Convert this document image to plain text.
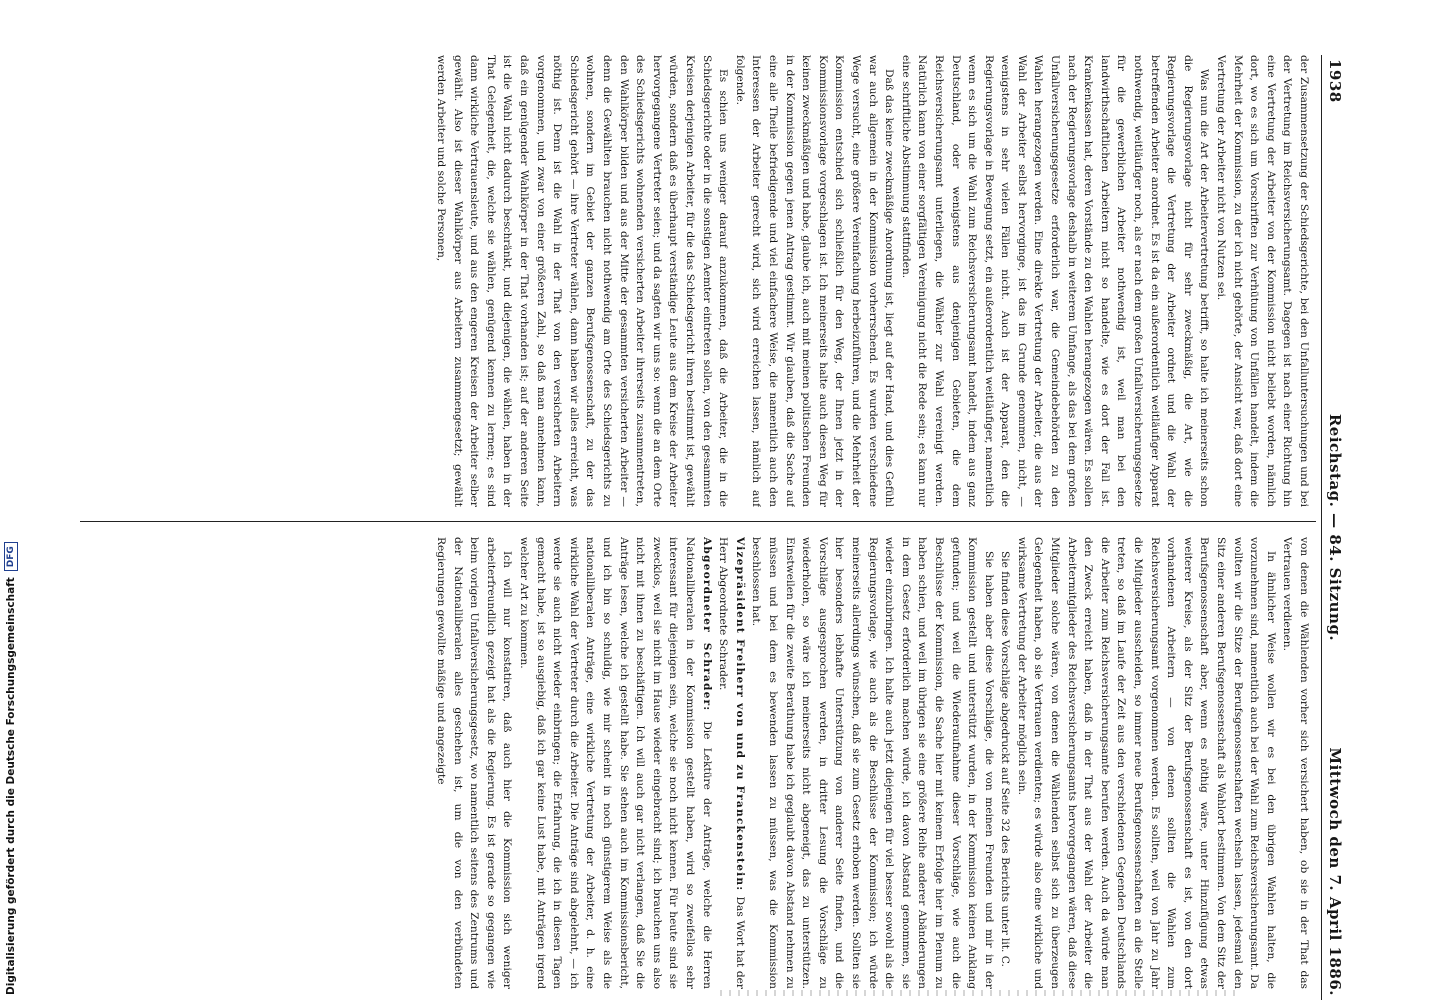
1938
Reichstag. — 84. Sitzung.
Mittwoch den 7. April 1886.

der Zusammensetzung der Schiedsgerichte, bei den Unfalluntersuchungen und bei der Vertretung im Reichsversicherungsamt. Dagegen ist nach einer Richtung hin eine Vertretung der Arbeiter von der Kommission nicht beliebt worden, nämlich dort, wo es sich um Vorschriften zur Verhütung von Unfällen handelt, indem die Mehrheit der Kommission, zu der ich nicht gehörte, der Ansicht war, daß dort eine Vertretung der Arbeiter nicht von Nutzen sei.

Was nun die Art der Arbeitervertretung betrifft, so halte ich meinerseits schon die Regierungsvorlage nicht für sehr zweckmäßig, die Art, wie die Regierungsvorlage die Vertretung der Arbeiter ordnet und die Wahl der betreffenden Arbeiter anordnet. Es ist da ein außerordentlich weitläufiger Apparat nothwendig, weitläufiger noch, als er nach dem großen Unfallversicherungsgesetze für die gewerblichen Arbeiter nothwendig ist, weil man bei den landwirthschaftlichen Arbeitern nicht so handelte, wie es dort der Fall ist. Krankenkassen hat, deren Vorstände zu den Wahlen herangezogen wären. Es sollen nach der Regierungsvorlage deshalb in weiterem Umfange, als das bei dem großen Unfallversicherungsgesetze erforderlich war, die Gemeindebehörden zu den Wahlen herangezogen werden. Eine direkte Vertretung der Arbeiter, die aus der Wahl der Arbeiter selbst hervorginge, ist das im Grunde genommen, nicht, — wenigstens in sehr vielen Fällen nicht. Auch ist der Apparat, den die Regierungsvorlage in Bewegung setzt, ein außerordentlich weitläufiger, namentlich wenn es sich um die Wahl zum Reichsversicherungsamt handelt, indem aus ganz Deutschland, oder wenigstens aus denjenigen Gebieten, die dem Reichsversicherungsamt unterliegen, die Wähler zur Wahl vereinigt werden. Natürlich kann von einer sorgfältigen Vereinigung nicht die Rede sein; es kann nur eine schriftliche Abstimmung stattfinden.

Daß das keine zweckmäßige Anordnung ist, liegt auf der Hand, und dies Gefühl war auch allgemein in der Kommission vorherrschend. Es wurden verschiedene Wege versucht, eine größere Vereinfachung herbeizuführen, und die Mehrheit der Kommission entschied sich schließlich für den Weg, der Ihnen jetzt in der Kommissionsvorlage vorgeschlagen ist. Ich meinerseits halte auch diesen Weg für keinen zweckmäßigen und habe, glaube ich, auch mit meinen politischen Freunden in der Kommission gegen jenen Antrag gestimmt. Wir glauben, daß die Sache auf eine alle Theile befriedigende und viel einfachere Weise, die namentlich auch den Interessen der Arbeiter gerecht wird, sich wird erreichen lassen, nämlich auf folgende.

Es schien uns weniger darauf anzukommen, daß die Arbeiter, die in die Schiedsgerichte oder in die sonstigen Aemter eintreten sollen, von den gesammten Kreisen derjenigen Arbeiter, für die das Schiedsgericht ihren bestimmt ist, gewählt würden, sondern daß es überhaupt verständige Leute aus dem Kreise der Arbeiter hervorgegangene Vertreter seien; und da sagten wir uns so: wenn die an dem Orte des Schiedsgerichts wohnenden versicherten Arbeiter ihrerseits zusammentreten, den Wahlkörper bilden und aus der Mitte der gesammten versicherten Arbeiter — denn die Gewählten brauchen nicht nothwendig am Orte des Schiedsgerichts zu wohnen, sondern im Gebiet der ganzen Berufsgenossenschaft, zu der das Schiedsgericht gehört — ihre Vertreter wählen, dann haben wir alles erreicht, was nöthig ist. Denn ist die Wahl in der That von den versicherten Arbeitern vorgenommen, und zwar von einer größeren Zahl, so daß man annehmen kann, daß ein genügender Wahlkörper in der That vorhanden ist; auf der anderen Seite ist die Wahl nicht dadurch beschränkt, und diejenigen, die wählen, haben in der That Gelegenheit, die, welche sie wählen, genügend kennen zu lernen; es sind dann wirkliche Vertrauensleute, und aus den engeren Kreisen der Arbeiter selber gewählt. Also ist dieser Wahlkörper aus Arbeitern zusammengesetzt; gewählt werden Arbeiter und solche Personen,

von denen die Wählenden vorher sich versichert haben, ob sie in der That das Vertrauen verdienen.

In ähnlicher Weise wollen wir es bei den übrigen Wahlen halten, die vorzunehmen sind, namentlich auch bei der Wahl zum Reichsversicherungsamt. Da wollten wir die Sitze der Berufsgenossenschaften wechseln lassen, jedesmal den Sitz einer anderen Berufsgenossenschaft als Wahlort bestimmen. Von dem Sitz der Berufsgenossenschaft aber, wenn es nöthig wäre, unter Hinzufügung etwas weiterer Kreise, als der Sitz der Berufsgenossenschaft es ist, von den dort vorhandenen Arbeitern — von denen sollten die Wahlen zum Reichsversicherungsamt vorgenommen werden. Es sollten, weil von Jahr zu Jahr die Mitglieder ausscheiden, so immer neue Berufsgenossenschaften an die Stelle treten, so daß im Laufe der Zeit aus den verschiedenen Gegenden Deutschlands die Arbeiter zum Reichsversicherungsamte berufen werden. Auch da würde man den Zweck erreicht haben, daß in der That aus der Wahl der Arbeiter die Arbeitermitglieder des Reichsversicherungsamts hervorgegangen wären, daß diese Mitglieder solche wären, von denen die Wählenden selbst sich zu überzeugen Gelegenheit haben, ob sie Vertrauen verdienten; es würde also eine wirkliche und wirksame Vertretung der Arbeiter möglich sein.

Sie finden diese Vorschläge abgedruckt auf Seite 32 des Berichts unter lit. C.

Sie haben aber diese Vorschläge, die von meinen Freunden und mir in der Kommission gestellt und unterstützt wurden, in der Kommission keinen Anklang gefunden; und weil die Wiederaufnahme dieser Vorschläge, wie auch die Beschlüsse der Kommission, die Sache hier mit keinem Erfolge hier im Plenum zu haben schien, und weil im übrigen sie eine größere Reihe anderer Abänderungen in dem Gesetz erforderlich machen würde, ich davon Abstand genommen, sie wieder einzubringen. Ich halte auch jetzt diejenigen für viel besser sowohl als die Regierungsvorlage, wie auch als die Beschlüsse der Kommission; ich würde meinerseits allerdings wünschen, daß sie zum Gesetz erhoben werden. Sollten sie hier besonders lebhafte Unterstützung von anderer Seite finden, und die Vorschläge ausgesprochen werden, in dritter Lesung die Vorschläge zu wiederholen, so wäre ich meinerseits nicht abgeneigt, das zu unterstützen. Einstweilen für die zweite Berathung habe ich geglaubt davon Abstand nehmen zu müssen und bei dem es bewenden lassen zu müssen, was die Kommission beschlossen hat.

Vizepräsident Freiherr von und zu Franckenstein: Das Wort hat der Herr Abgeordnete Schrader.

Abgeordneter Schrader: Die Lektüre der Anträge, welche die Herren Nationalliberalen in der Kommission gestellt haben, wird so zweifellos sehr interessant für diejenigen sein, welche sie noch nicht kennen. Für heute sind sie zwecklos, weil sie nicht im Hause wieder eingebracht sind; ich brauchen uns also nicht mit ihnen zu beschäftigen. Ich will auch gar nicht verlangen, daß Sie die Anträge lesen, welche ich gestellt habe. Sie stehen auch im Kommissionsbericht, und ich bin so schuldig, wie mir scheint in noch günstigerem Weise als die nationalliberalen Anträge, eine wirkliche Vertretung der Arbeiter, d. h. eine wirkliche Wahl der Vertreter durch die Arbeiter. Die Anträge sind abgelehnt, — ich werde sie auch nicht wieder einbringen; die Erfahrung, die ich in diesen Tagen gemacht habe, ist so ausgiebig, daß ich gar keine Lust habe, mit Anträgen irgend welcher Art zu kommen.

Ich will nur konstatiren, daß auch hier die Kommission sich weniger arbeiterfreundlich gezeigt hat als die Regierung. Es ist gerade so gegangen wie beim vorigen Unfallversicherungsgesetz, wo namentlich seitens des Zentrums und der Nationalliberalen alles geschehen ist, um die von den verbündeten Regierungen gewollte mäßige und angezeigte

Digitalisierung gefördert durch die Deutsche Forschungsgemeinschaft
DFG
